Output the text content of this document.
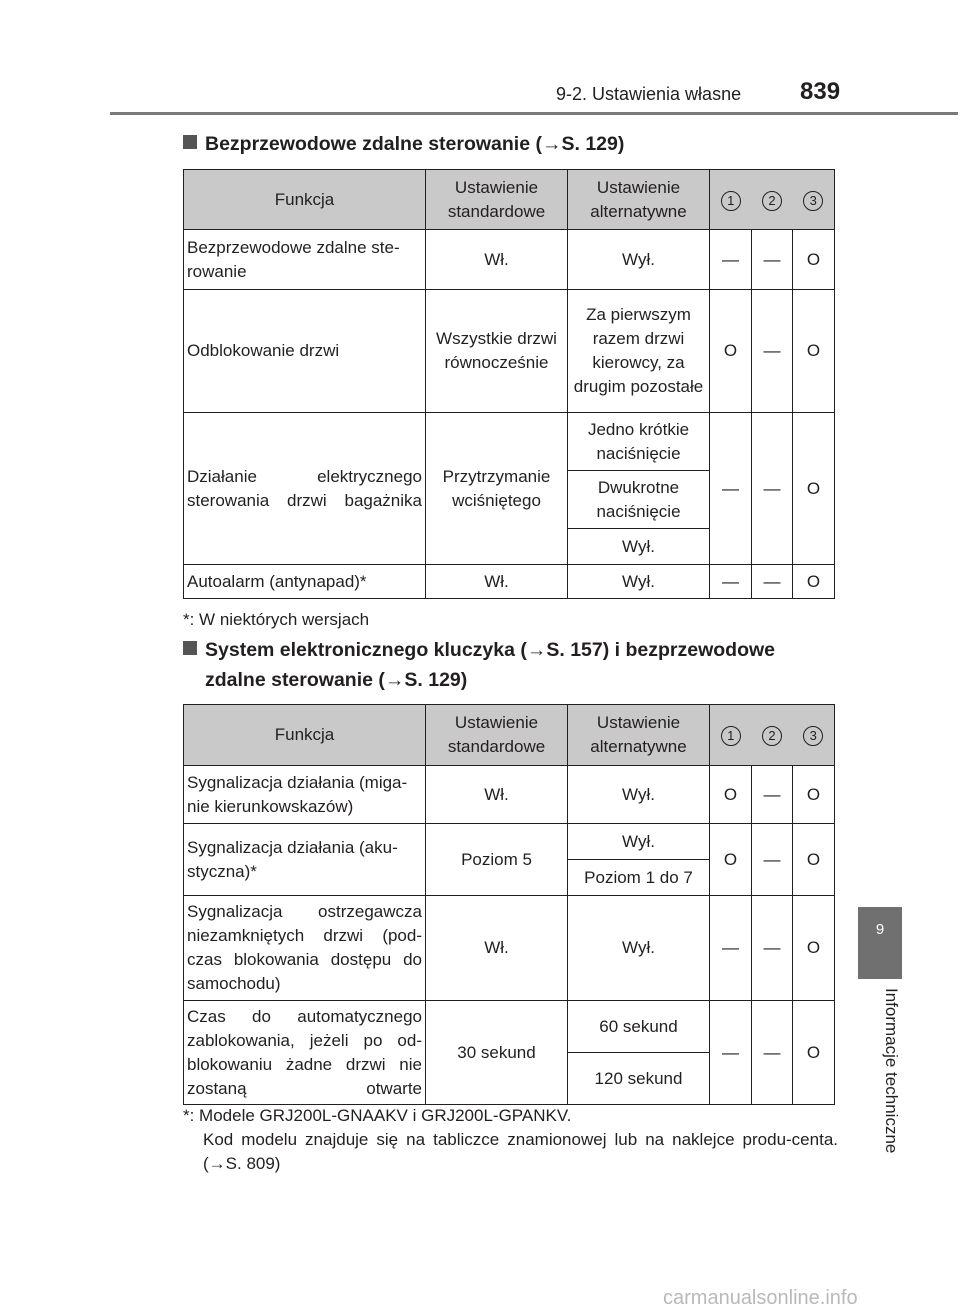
9-2. Ustawienia własne 839
9
Informacje techniczne
Bezprzewodowe zdalne sterowanie (→S. 129)
Funkcja	Ustawienie standardowe	Ustawienie alternatywne	1	2	3
Bezprzewodowe zdalne ste-rowanie	Wł.	Wył.	—	—	O
Odblokowanie drzwi	Wszystkie drzwi równocześnie	Za pierwszym razem drzwi kierowcy, za drugim pozostałe	O	—	O
Działanie elektrycznego sterowania drzwi bagażnika	Przytrzymanie wciśniętego	Jedno krótkie naciśnięcie	—	—	O
		Dwukrotne naciśnięcie			
		Wył.			
Autoalarm (antynapad)*	Wł.	Wył.	—	—	O
*: W niektórych wersjach
System elektronicznego kluczyka (→S. 157) i bezprzewodowe
zdalne sterowanie (→S. 129)
Funkcja	Ustawienie standardowe	Ustawienie alternatywne	1	2	3
Sygnalizacja działania (miga-nie kierunkowskazów)	Wł.	Wył.	O	—	O
Sygnalizacja działania (aku-styczna)*	Poziom 5	Wył.	O	—	O
		Poziom 1 do 7			
Sygnalizacja ostrzegawcza niezamkniętych drzwi (pod-czas blokowania dostępu do samochodu)	Wł.	Wył.	—	—	O
Czas do automatycznego zablokowania, jeżeli po od-blokowaniu żadne drzwi nie zostaną otwarte	30 sekund	60 sekund	—	—	O
		120 sekund			
*: Modele GRJ200L-GNAAKV i GRJ200L-GPANKV.
Kod modelu znajduje się na tabliczce znamionowej lub na naklejce produ-centa. (→S. 809)
carmanualsonline.info
